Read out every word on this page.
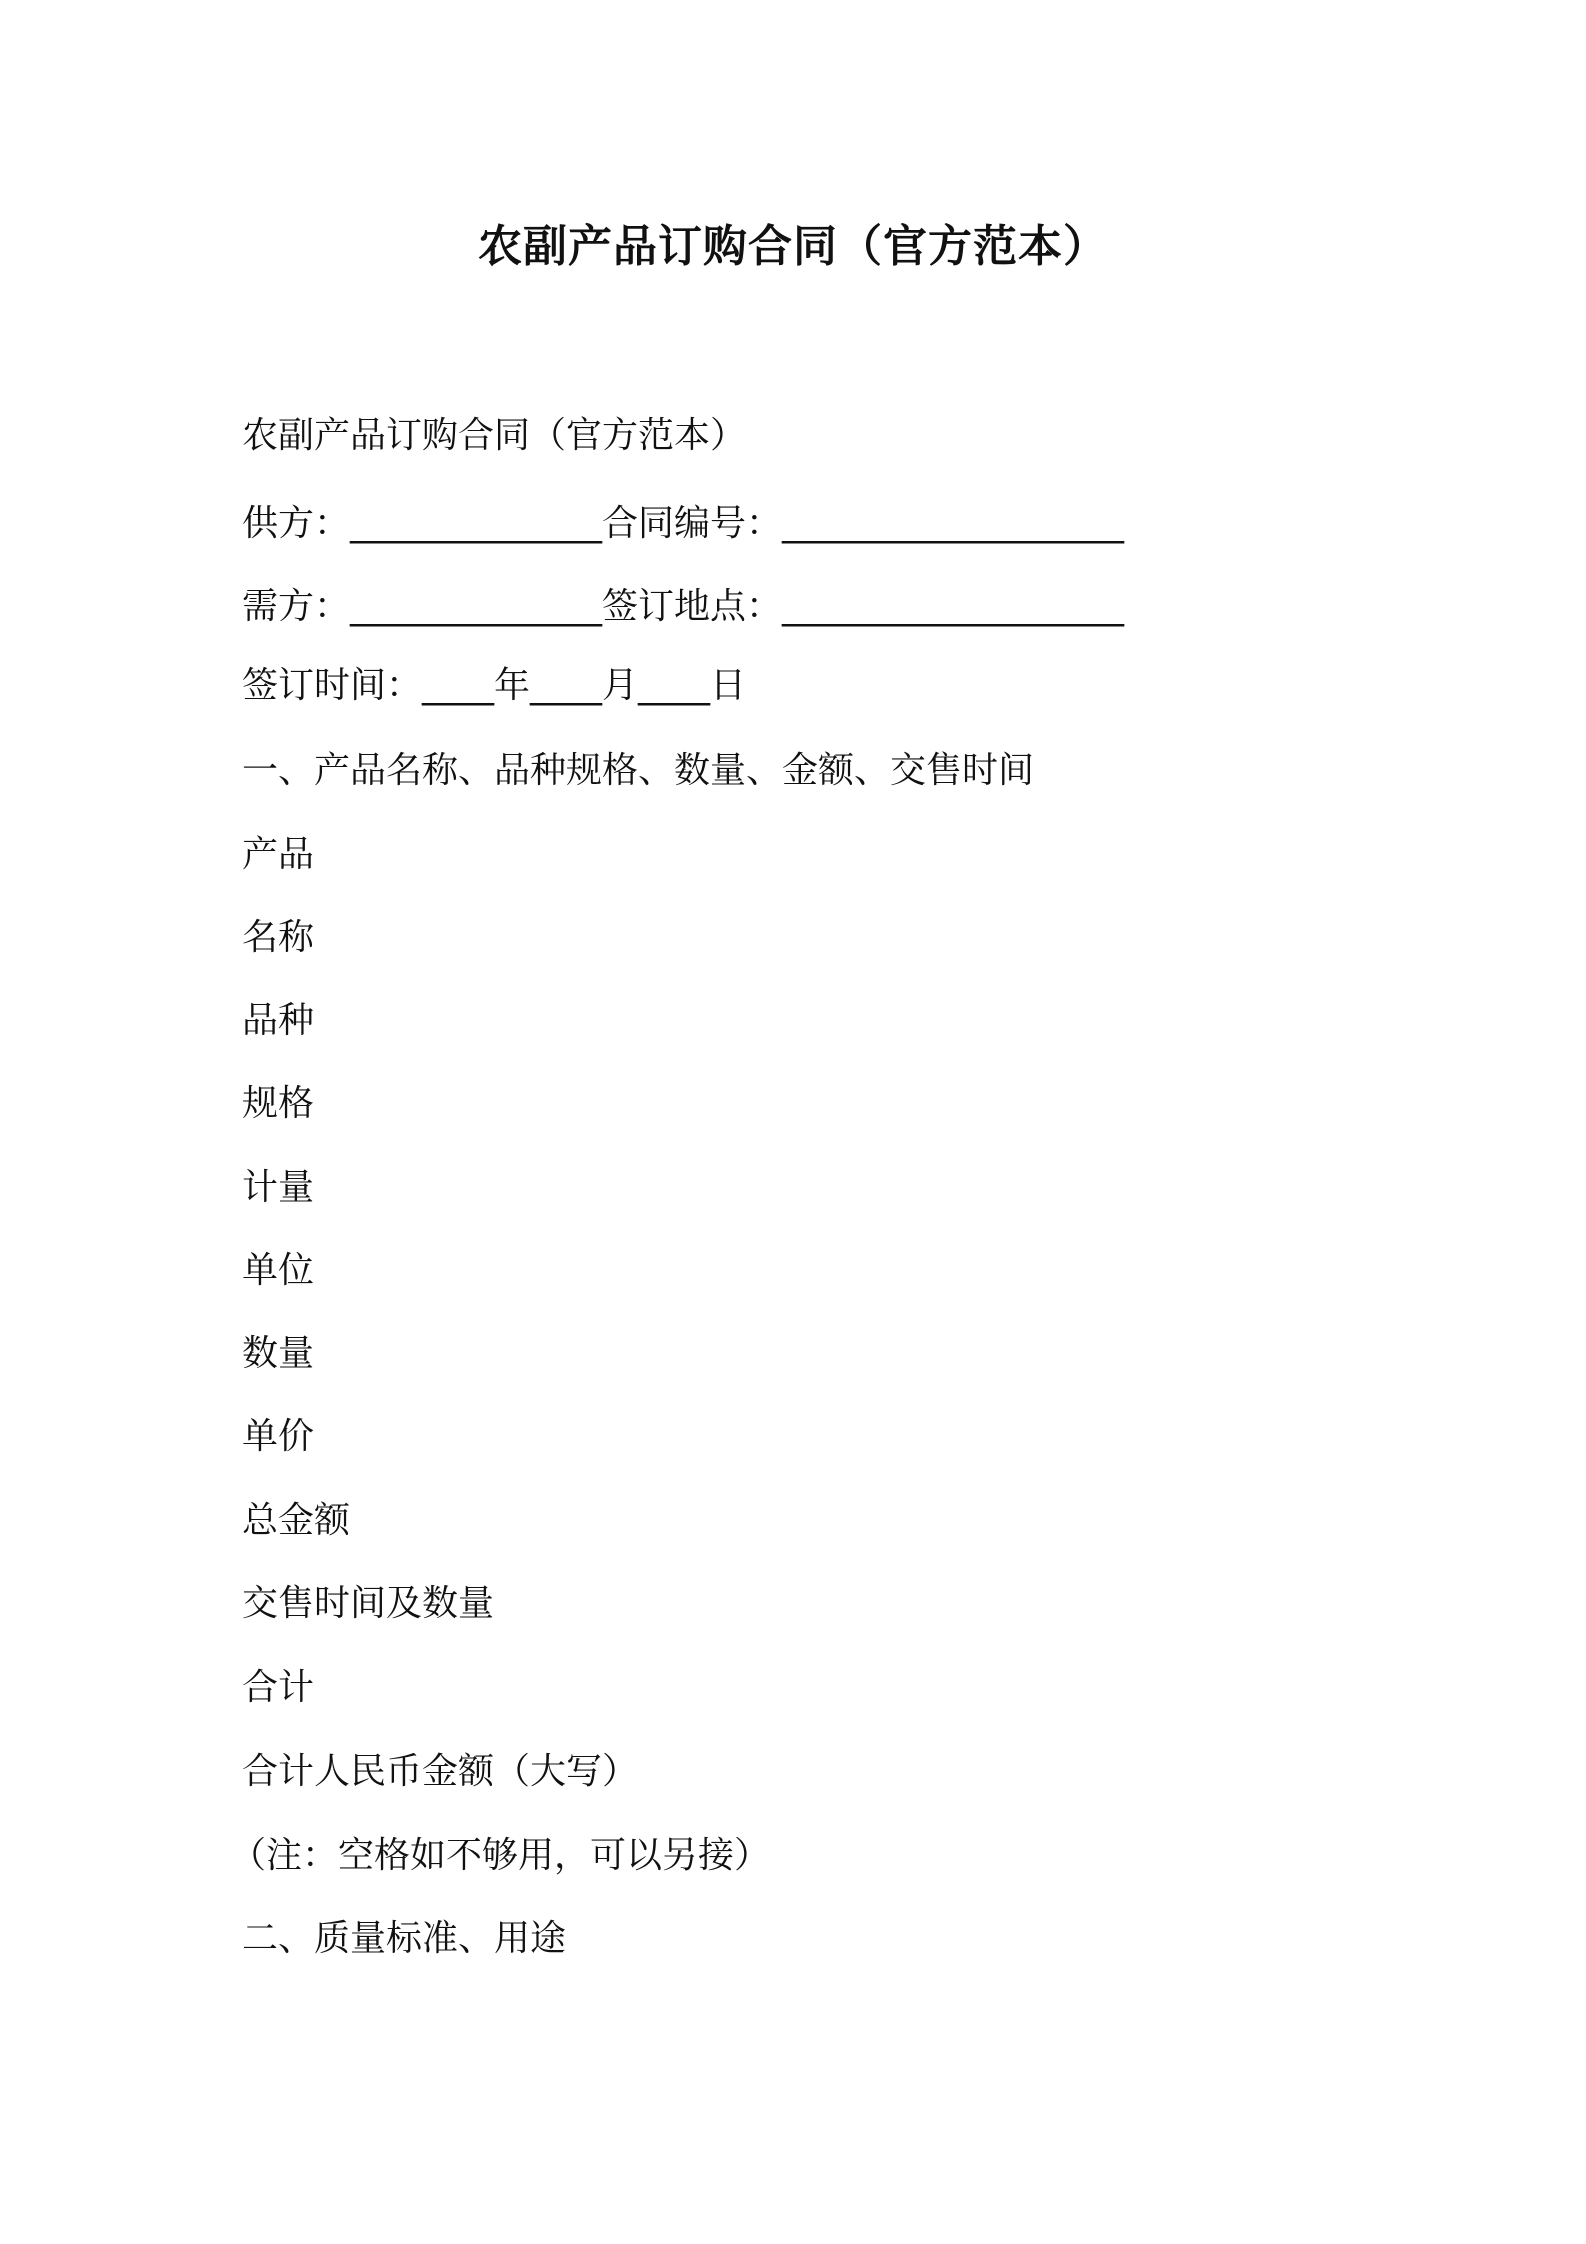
农副产品订购合同（官方范本）
农副产品订购合同（官方范本）
供方：______________合同编号：___________________
需方：______________签订地点：___________________
签订时间：____年____月____日
一、产品名称、品种规格、数量、金额、交售时间
产品
名称
品种
规格
计量
单位
数量
单价
总金额
交售时间及数量
合计
合计人民币金额（大写）
（注：空格如不够用，可以另接）
二、质量标准、用途
